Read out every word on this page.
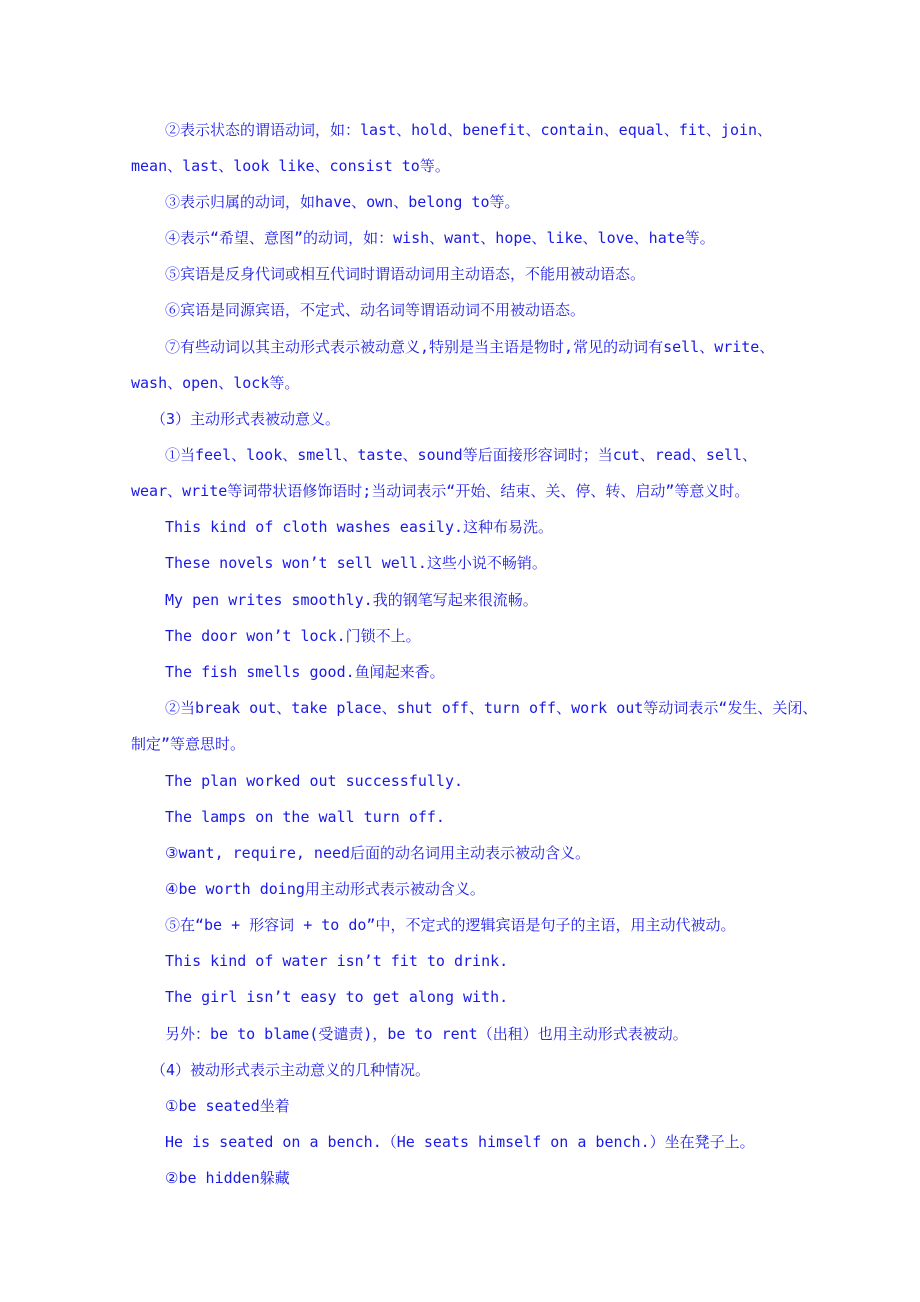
②表示状态的谓语动词，如：last、hold、benefit、contain、equal、fit、join、
mean、last、look like、consist to等。
③表示归属的动词，如have、own、belong to等。
④表示“希望、意图”的动词，如：wish、want、hope、like、love、hate等。
⑤宾语是反身代词或相互代词时谓语动词用主动语态，不能用被动语态。
⑥宾语是同源宾语，不定式、动名词等谓语动词不用被动语态。
⑦有些动词以其主动形式表示被动意义,特别是当主语是物时,常见的动词有sell、write、
wash、open、lock等。
（3）主动形式表被动意义。
①当feel、look、smell、taste、sound等后面接形容词时；当cut、read、sell、
wear、write等词带状语修饰语时;当动词表示“开始、结束、关、停、转、启动”等意义时。
This kind of cloth washes easily.这种布易洗。
These novels won’t sell well.这些小说不畅销。
My pen writes smoothly.我的钢笔写起来很流畅。
The door won’t lock.门锁不上。
The fish smells good.鱼闻起来香。
②当break out、take place、shut off、turn off、work out等动词表示“发生、关闭、
制定”等意思时。
The plan worked out successfully.
The lamps on the wall turn off.
③want, require, need后面的动名词用主动表示被动含义。
④be worth doing用主动形式表示被动含义。
⑤在“be + 形容词 + to do”中，不定式的逻辑宾语是句子的主语，用主动代被动。
This kind of water isn’t fit to drink.
The girl isn’t easy to get along with.
另外：be to blame(受谴责)，be to rent（出租）也用主动形式表被动。
（4）被动形式表示主动意义的几种情况。
①be seated坐着
He is seated on a bench.（He seats himself on a bench.）坐在凳子上。
②be hidden躲藏
